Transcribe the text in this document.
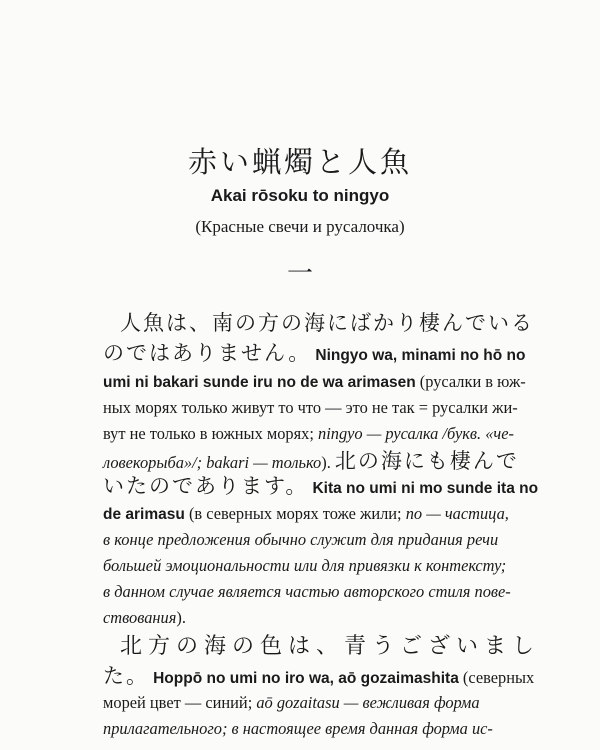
赤い蝋燭と人魚
Akai rōsoku to ningyo
(Красные свечи и русалочка)
一
人魚は、南の方の海にばかり棲んでいる
のではありません。 Ningyo wa, minami no hō no
umi ni bakari sunde iru no de wa arimasen (русалки в юж-
ных морях только живут то что — это не так = русалки жи-
вут не только в южных морях; ningyo — русалка /букв. «че-
ловекорыба»/; bakari — только). 北の海にも棲んで
いたのであります。 Kita no umi ni mo sunde ita no
de arimasu (в северных морях тоже жили; no — частица,
в конце предложения обычно служит для придания речи
большей эмоциональности или для привязки к контексту;
в данном случае является частью авторского стиля пове-
ствования).
北方の海の色は、青うございまし
た。 Hoppō no umi no iro wa, aō gozaimashita (северных
морей цвет — синий; aō gozaitasu — вежливая форма
прилагательного; в настоящее время данная форма ис-
